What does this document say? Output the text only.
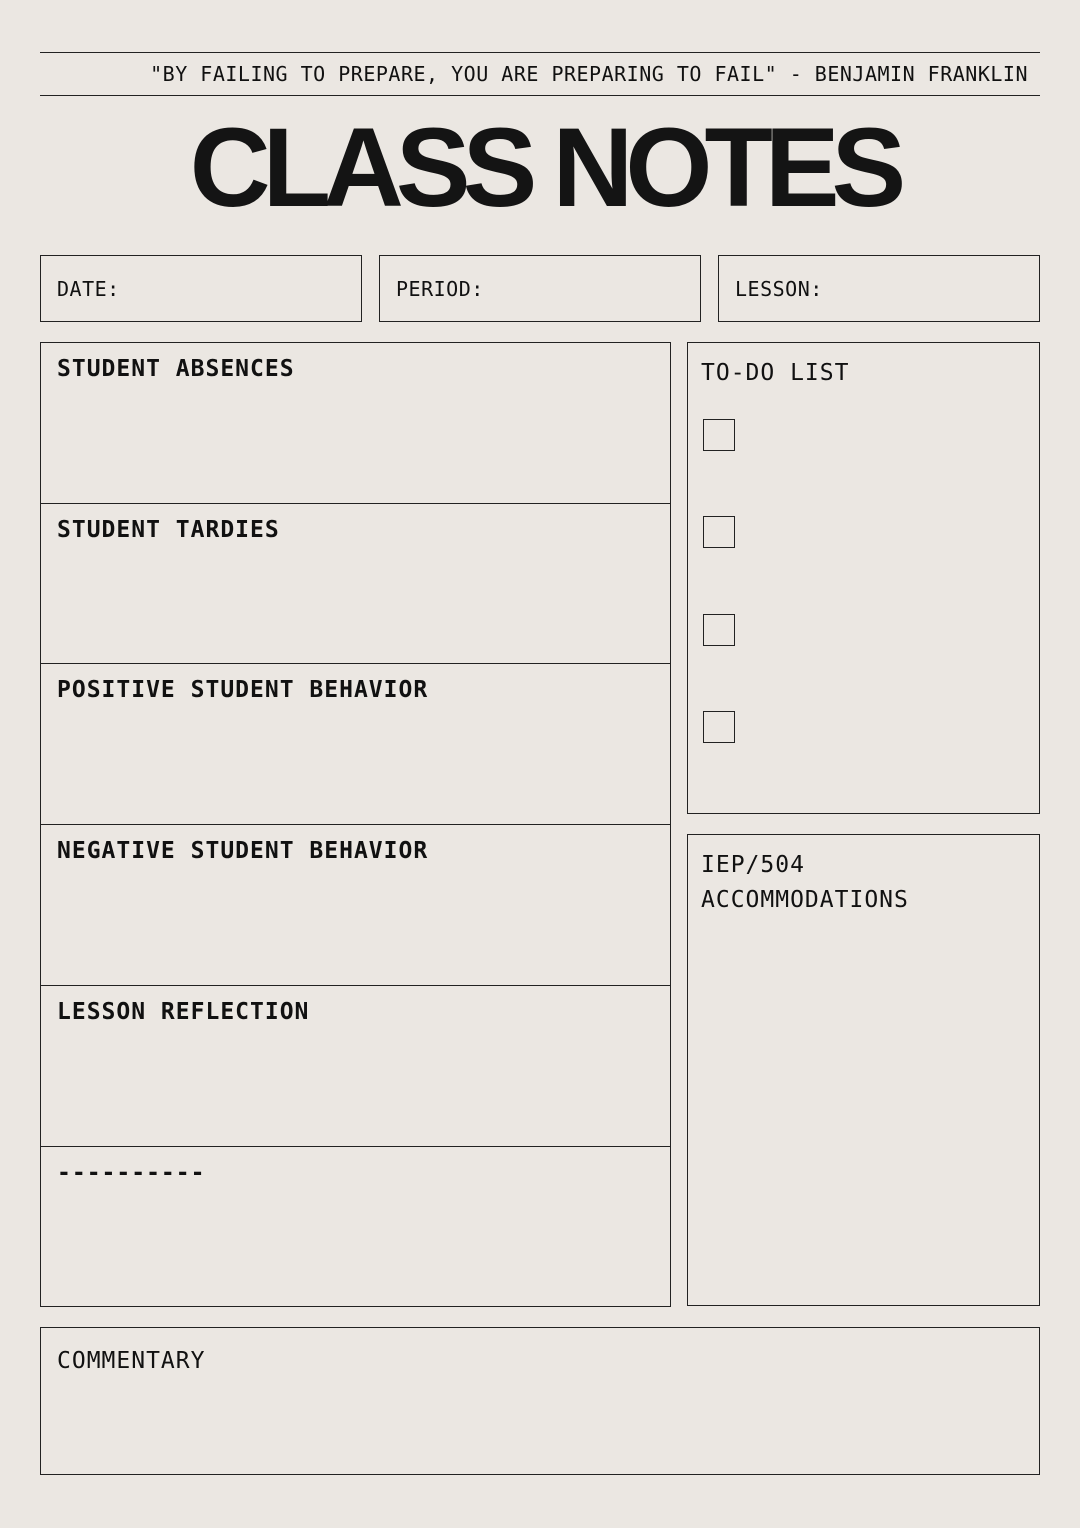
"BY FAILING TO PREPARE, YOU ARE PREPARING TO FAIL" - BENJAMIN FRANKLIN
CLASS NOTES
DATE:	PERIOD:	LESSON:
STUDENT ABSENCES
STUDENT TARDIES
POSITIVE STUDENT BEHAVIOR
NEGATIVE STUDENT BEHAVIOR
LESSON REFLECTION
----------
TO-DO LIST
IEP/504
ACCOMMODATIONS
COMMENTARY
